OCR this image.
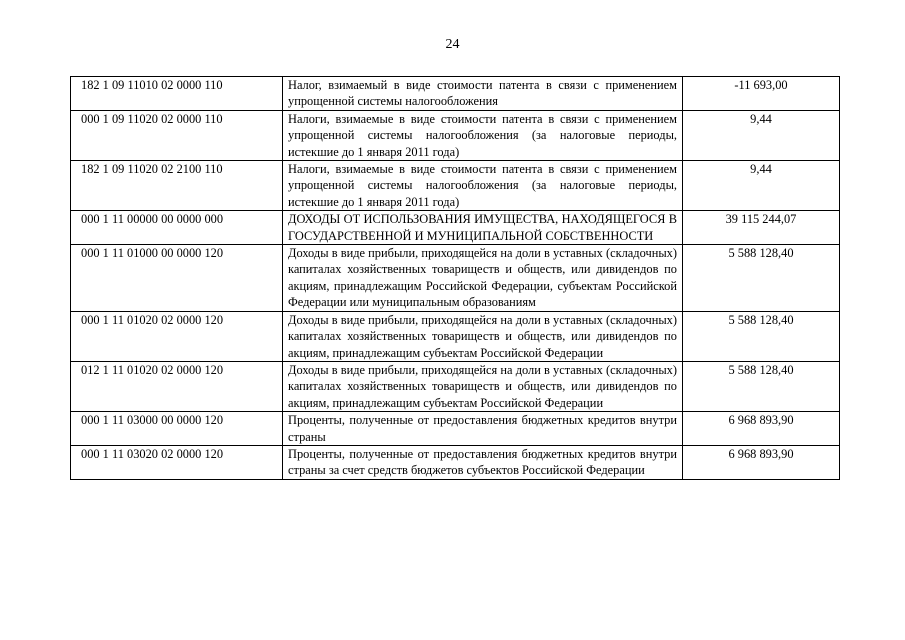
24
182 1 09 11010 02 0000 110	Налог, взимаемый в виде стоимости патента в связи с применением упрощенной системы налогообложения	-11 693,00
000 1 09 11020 02 0000 110	Налоги, взимаемые в виде стоимости патента в связи с применением упрощенной системы налогообложения (за налоговые периоды, истекшие до 1 января 2011 года)	9,44
182 1 09 11020 02 2100 110	Налоги, взимаемые в виде стоимости патента в связи с применением упрощенной системы налогообложения (за налоговые периоды, истекшие до 1 января 2011 года)	9,44
000 1 11 00000 00 0000 000	ДОХОДЫ ОТ ИСПОЛЬЗОВАНИЯ ИМУЩЕСТВА, НАХОДЯЩЕГОСЯ В ГОСУДАРСТВЕННОЙ И МУНИЦИПАЛЬНОЙ СОБСТВЕННОСТИ	39 115 244,07
000 1 11 01000 00 0000 120	Доходы в виде прибыли, приходящейся на доли в уставных (складочных) капиталах хозяйственных товариществ и обществ, или дивидендов по акциям, принадлежащим Российской Федерации, субъектам Российской Федерации или муниципальным образованиям	5 588 128,40
000 1 11 01020 02 0000 120	Доходы в виде прибыли, приходящейся на доли в уставных (складочных) капиталах хозяйственных товариществ и обществ, или дивидендов по акциям, принадлежащим субъектам Российской Федерации	5 588 128,40
012 1 11 01020 02 0000 120	Доходы в виде прибыли, приходящейся на доли в уставных (складочных) капиталах хозяйственных товариществ и обществ, или дивидендов по акциям, принадлежащим субъектам Российской Федерации	5 588 128,40
000 1 11 03000 00 0000 120	Проценты, полученные от предоставления бюджетных кредитов внутри страны	6 968 893,90
000 1 11 03020 02 0000 120	Проценты, полученные от предоставления бюджетных кредитов внутри страны за счет средств бюджетов субъектов Российской Федерации	6 968 893,90
